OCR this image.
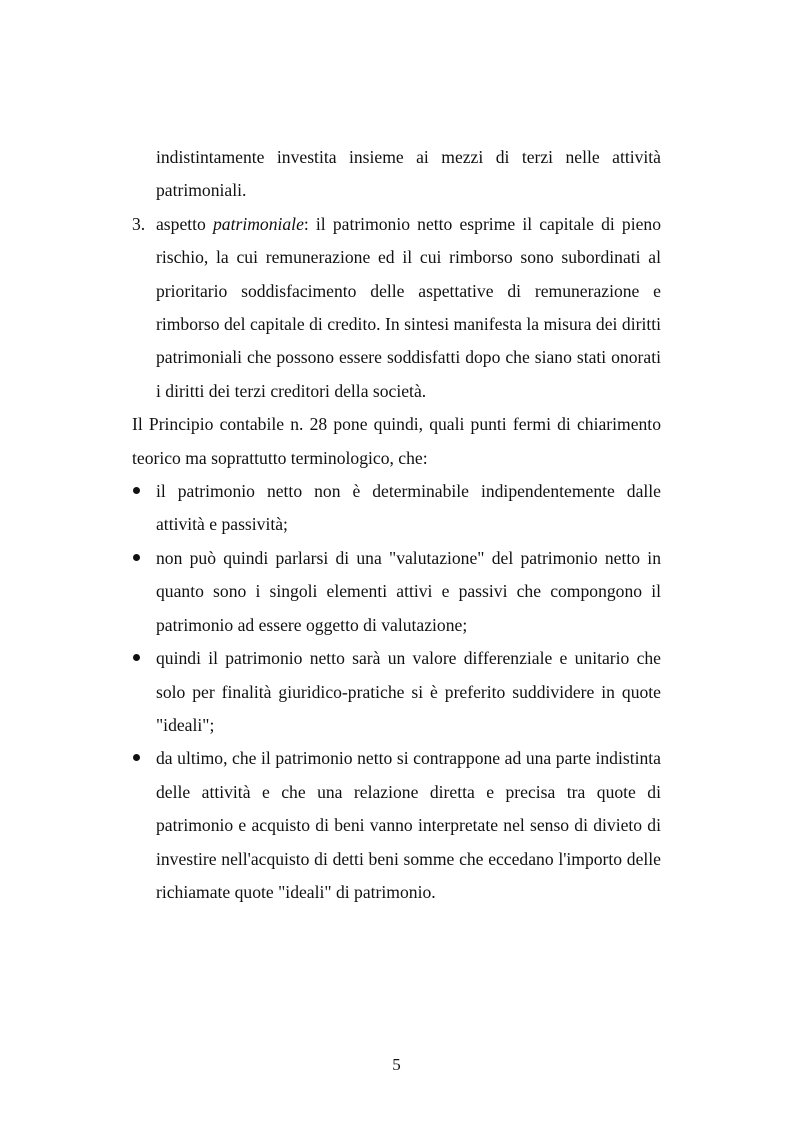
indistintamente investita insieme ai mezzi di terzi nelle attività patrimoniali.

3. aspetto patrimoniale: il patrimonio netto esprime il capitale di pieno rischio, la cui remunerazione ed il cui rimborso sono subordinati al prioritario soddisfacimento delle aspettative di remunerazione e rimborso del capitale di credito. In sintesi manifesta la misura dei diritti patrimoniali che possono essere soddisfatti dopo che siano stati onorati i diritti dei terzi creditori della società.

Il Principio contabile n. 28 pone quindi, quali punti fermi di chiarimento teorico ma soprattutto terminologico, che:

il patrimonio netto non è determinabile indipendentemente dalle attività e passività;
non può quindi parlarsi di una "valutazione" del patrimonio netto in quanto sono i singoli elementi attivi e passivi che compongono il patrimonio ad essere oggetto di valutazione;
quindi il patrimonio netto sarà un valore differenziale e unitario che solo per finalità giuridico-pratiche si è preferito suddividere in quote "ideali";
da ultimo, che il patrimonio netto si contrappone ad una parte indistinta delle attività e che una relazione diretta e precisa tra quote di patrimonio e acquisto di beni vanno interpretate nel senso di divieto di investire nell'acquisto di detti beni somme che eccedano l'importo delle richiamate quote "ideali" di patrimonio.
5
